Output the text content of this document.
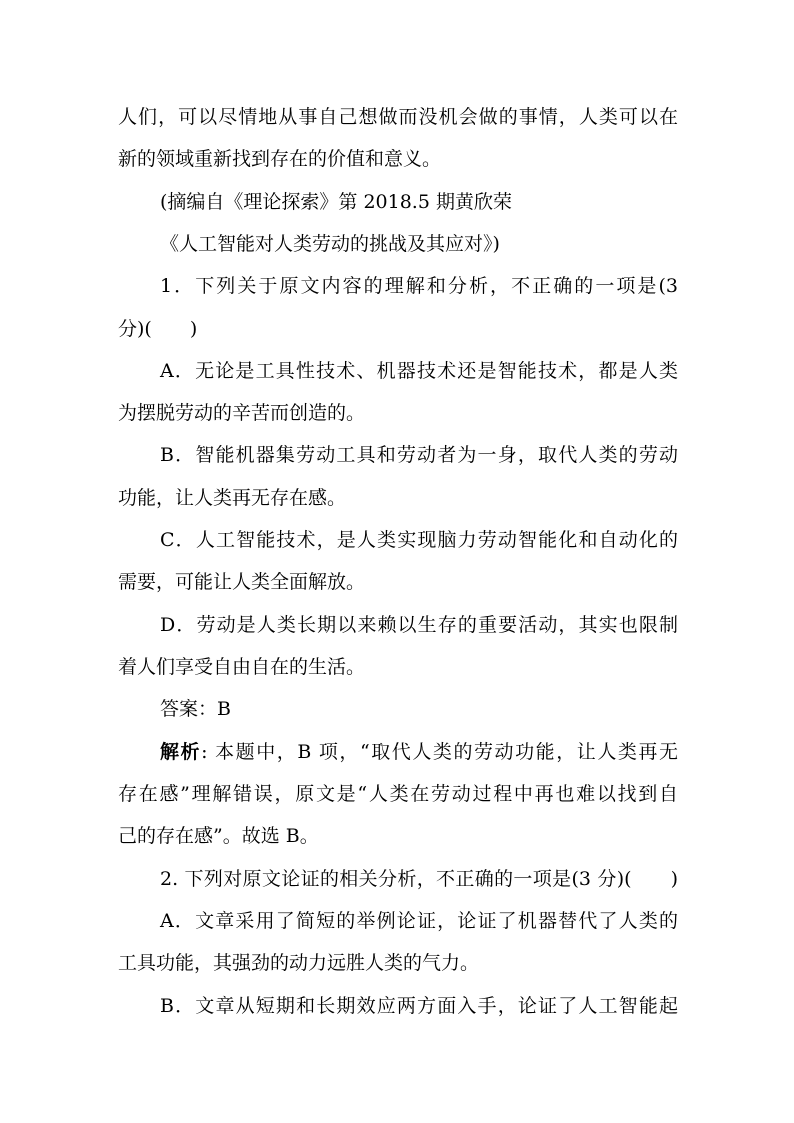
人们，可以尽情地从事自己想做而没机会做的事情，人类可以在
新的领域重新找到存在的价值和意义。
(摘编自《理论探索》第 2018.5 期黄欣荣
《人工智能对人类劳动的挑战及其应对》)
1．下列关于原文内容的理解和分析，不正确的一项是(3
分)(　　)
A．无论是工具性技术、机器技术还是智能技术，都是人类
为摆脱劳动的辛苦而创造的。
B．智能机器集劳动工具和劳动者为一身，取代人类的劳动
功能，让人类再无存在感。
C．人工智能技术，是人类实现脑力劳动智能化和自动化的
需要，可能让人类全面解放。
D．劳动是人类长期以来赖以生存的重要活动，其实也限制
着人们享受自由自在的生活。
答案：B
解析: 本题中，B 项，“取代人类的劳动功能，让人类再无
存在感”理解错误，原文是“人类在劳动过程中再也难以找到自
己的存在感”。故选 B。
2. 下列对原文论证的相关分析，不正确的一项是(3 分)(　　)
A．文章采用了简短的举例论证，论证了机器替代了人类的
工具功能，其强劲的动力远胜人类的气力。
B．文章从短期和长期效应两方面入手，论证了人工智能起
